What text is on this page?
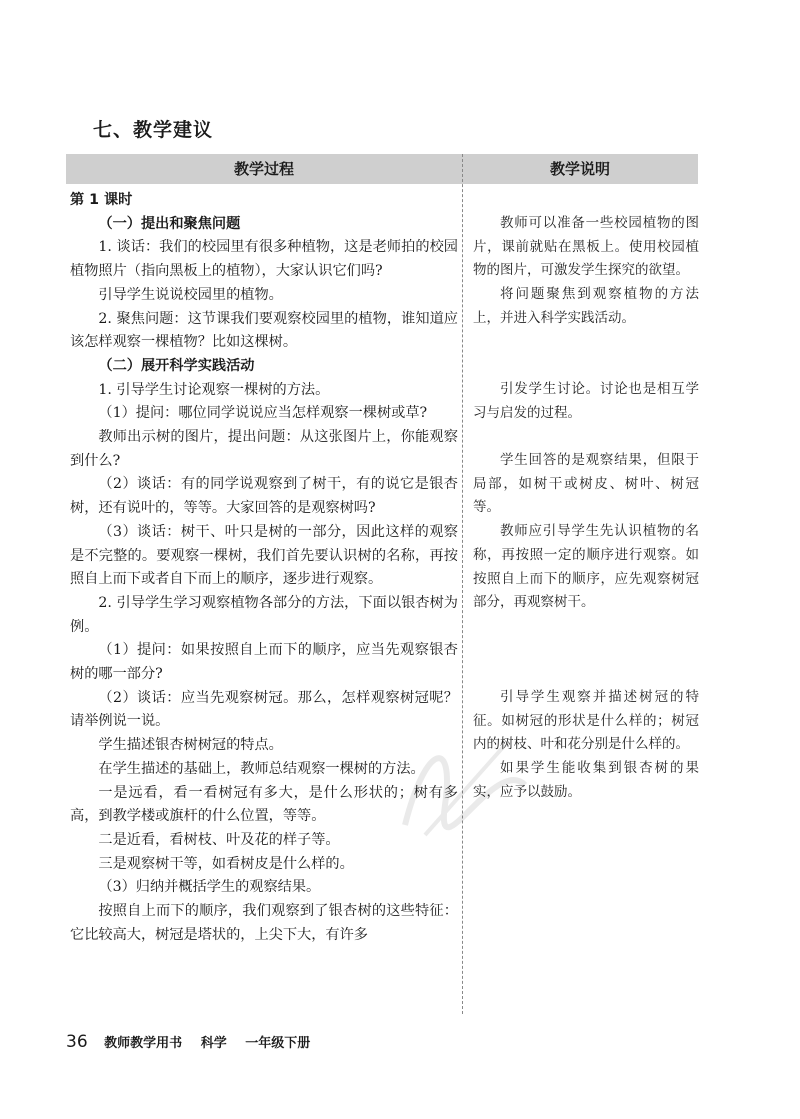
七、教学建议
教学过程	教学说明

第 1 课时

（一）提出和聚焦问题

1. 谈话：我们的校园里有很多种植物，这是老师拍的校园植物照片（指向黑板上的植物），大家认识它们吗?

引导学生说说校园里的植物。

2. 聚焦问题：这节课我们要观察校园里的植物，谁知道应该怎样观察一棵植物？比如这棵树。

（二）展开科学实践活动

1. 引导学生讨论观察一棵树的方法。

（1）提问：哪位同学说说应当怎样观察一棵树或草?

教师出示树的图片，提出问题：从这张图片上，你能观察到什么?

（2）谈话：有的同学说观察到了树干，有的说它是银杏树，还有说叶的，等等。大家回答的是观察树吗?

（3）谈话：树干、叶只是树的一部分，因此这样的观察是不完整的。要观察一棵树，我们首先要认识树的名称，再按照自上而下或者自下而上的顺序，逐步进行观察。

2. 引导学生学习观察植物各部分的方法，下面以银杏树为例。

（1）提问：如果按照自上而下的顺序，应当先观察银杏树的哪一部分?

（2）谈话：应当先观察树冠。那么，怎样观察树冠呢？请举例说一说。

学生描述银杏树树冠的特点。

在学生描述的基础上，教师总结观察一棵树的方法。

一是远看，看一看树冠有多大，是什么形状的；树有多高，到教学楼或旗杆的什么位置，等等。

二是近看，看树枝、叶及花的样子等。

三是观察树干等，如看树皮是什么样的。

（3）归纳并概括学生的观察结果。

按照自上而下的顺序，我们观察到了银杏树的这些特征：它比较高大，树冠是塔状的，上尖下大，有许多

教师可以准备一些校园植物的图片，课前就贴在黑板上。使用校园植物的图片，可激发学生探究的欲望。

将问题聚焦到观察植物的方法上，并进入科学实践活动。

引发学生讨论。讨论也是相互学习与启发的过程。

学生回答的是观察结果，但限于局部，如树干或树皮、树叶、树冠等。

教师应引导学生先认识植物的名称，再按照一定的顺序进行观察。如按照自上而下的顺序，应先观察树冠部分，再观察树干。

引导学生观察并描述树冠的特征。如树冠的形状是什么样的；树冠内的树枝、叶和花分别是什么样的。

如果学生能收集到银杏树的果实，应予以鼓励。

36 教师教学用书 科学 一年级下册
